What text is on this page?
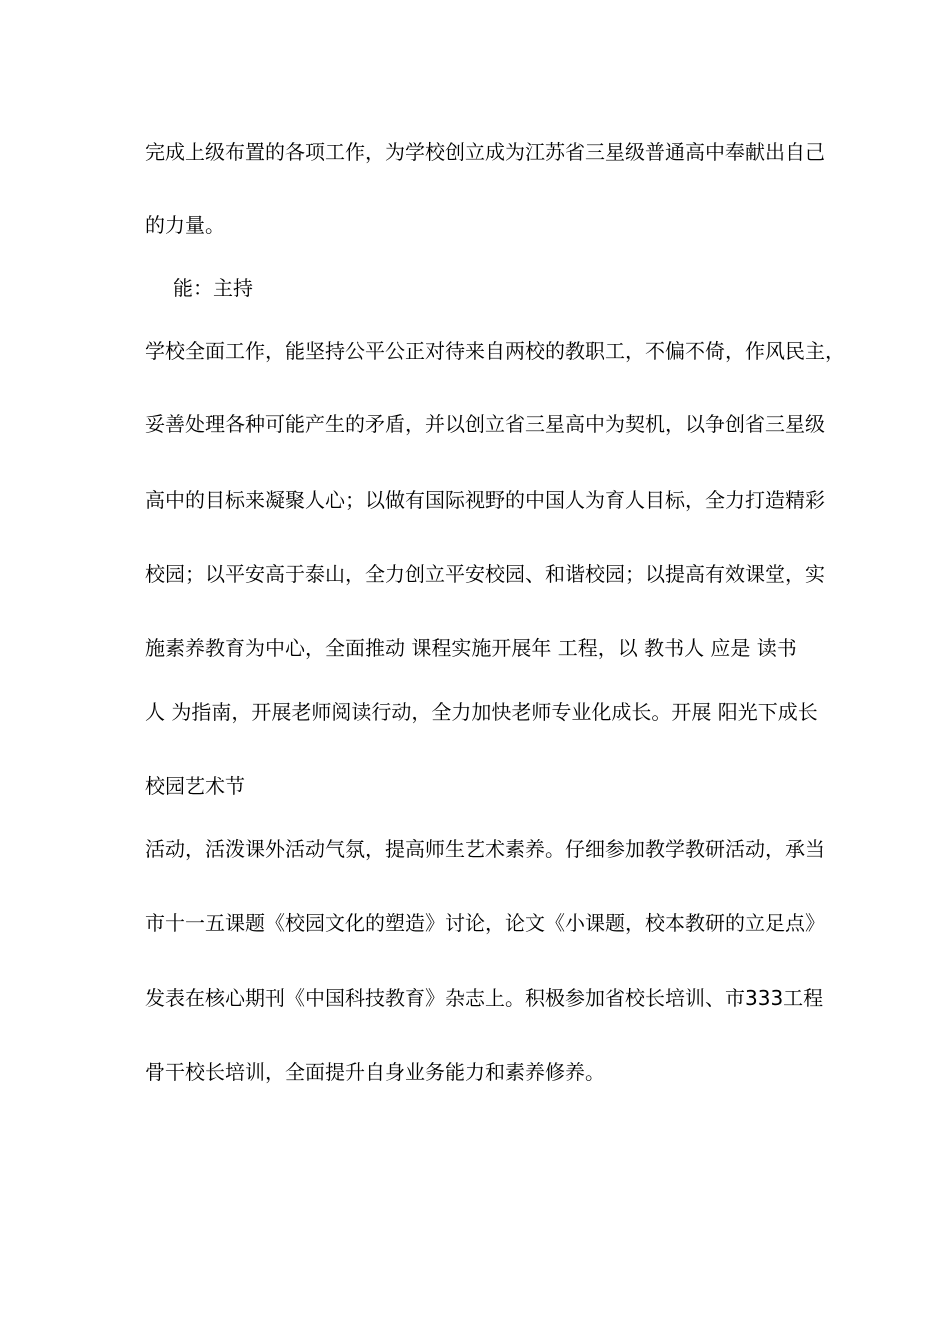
完成上级布置的各项工作，为学校创立成为江苏省三星级普通高中奉献出自己
的力量。
能：主持
学校全面工作，能坚持公平公正对待来自两校的教职工，不偏不倚，作风民主，
妥善处理各种可能产生的矛盾，并以创立省三星高中为契机，以争创省三星级
高中的目标来凝聚人心；以做有国际视野的中国人为育人目标，全力打造精彩
校园；以平安高于泰山，全力创立平安校园、和谐校园；以提高有效课堂，实
施素养教育为中心，全面推动 课程实施开展年 工程，以 教书人 应是 读书
人 为指南，开展老师阅读行动，全力加快老师专业化成长。开展 阳光下成长
校园艺术节
活动，活泼课外活动气氛，提高师生艺术素养。仔细参加教学教研活动，承当
市十一五课题《校园文化的塑造》讨论，论文《小课题，校本教研的立足点》
发表在核心期刊《中国科技教育》杂志上。积极参加省校长培训、市333工程
骨干校长培训，全面提升自身业务能力和素养修养。
